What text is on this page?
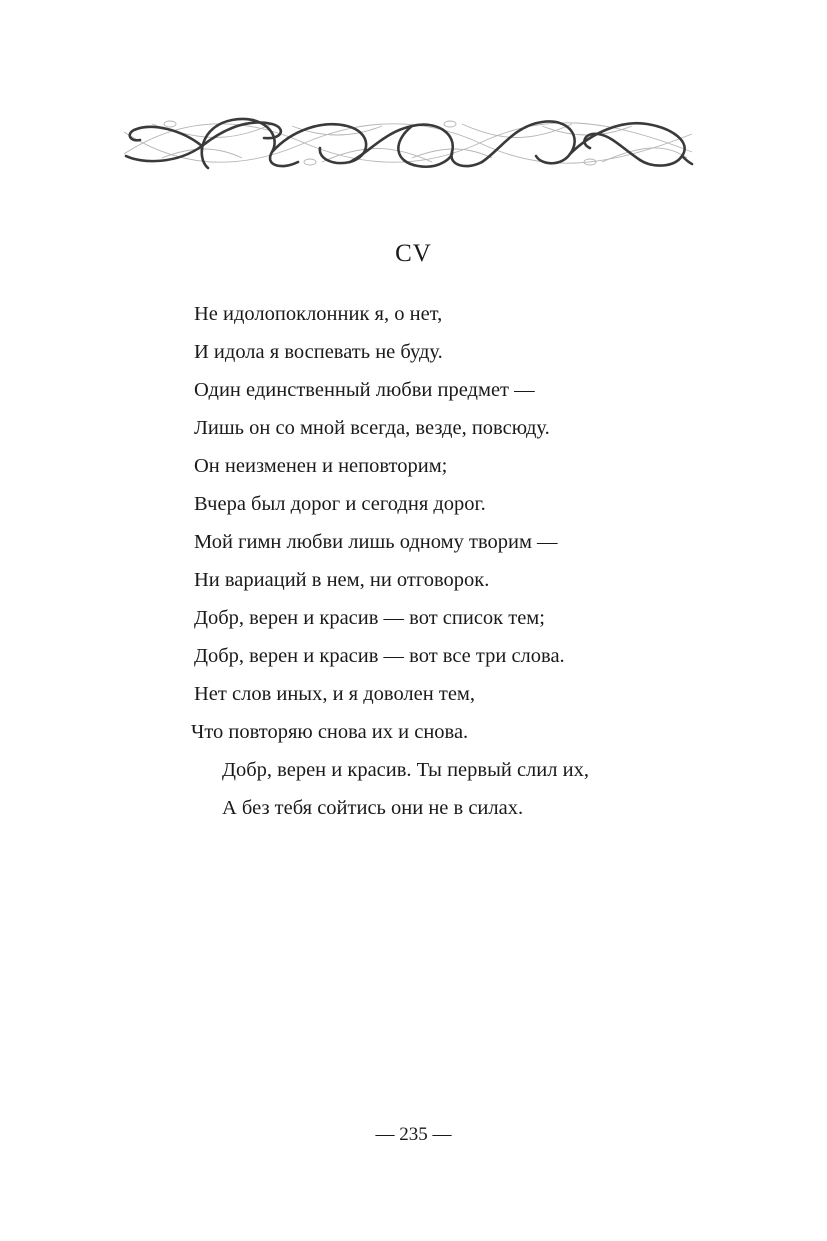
CV
Не идолопоклонник я, о нет,
И идола я воспевать не буду.
Один единственный любви предмет —
Лишь он со мной всегда, везде, повсюду.
Он неизменен и неповторим;
Вчера был дорог и сегодня дорог.
Мой гимн любви лишь одному творим —
Ни вариаций в нем, ни отговорок.
Добр, верен и красив — вот список тем;
Добр, верен и красив — вот все три слова.
Нет слов иных, и я доволен тем,
Что повторяю снова их и снова.
Добр, верен и красив. Ты первый слил их,
А без тебя сойтись они не в силах.
— 235 —
